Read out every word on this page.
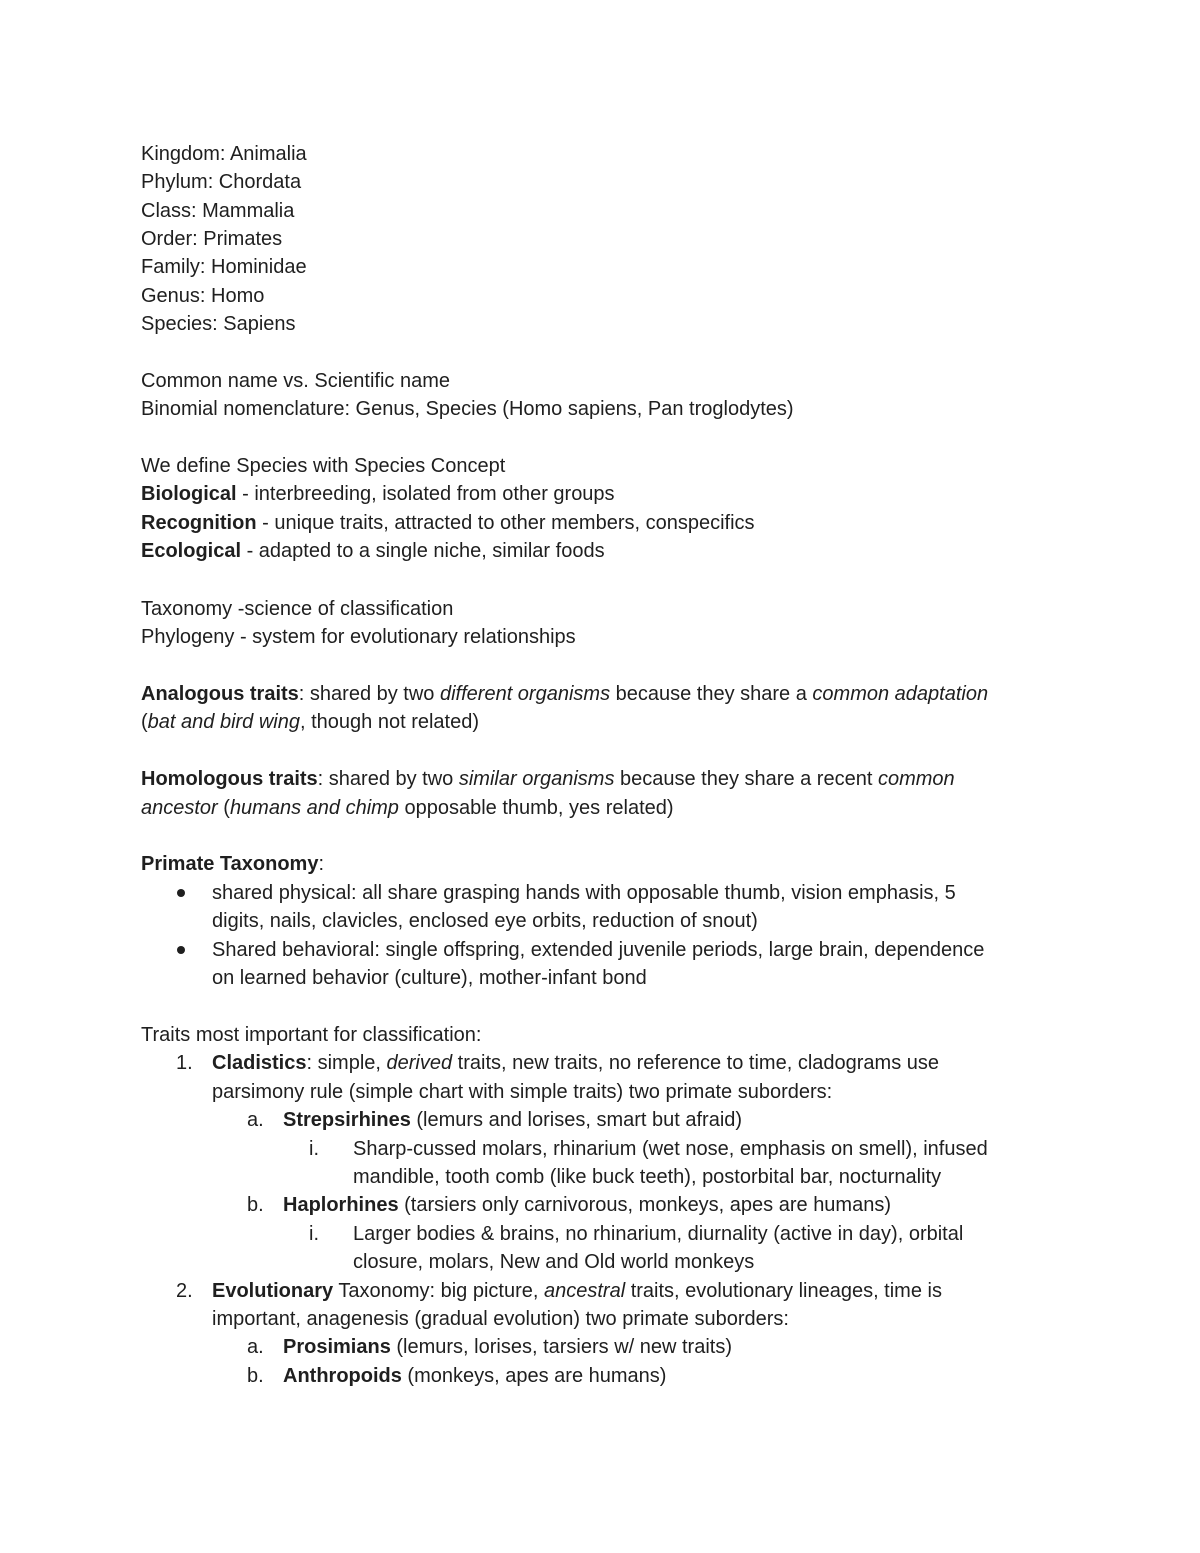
Kingdom: Animalia
Phylum: Chordata
Class: Mammalia
Order: Primates
Family: Hominidae
Genus: Homo
Species: Sapiens
Common name vs. Scientific name
Binomial nomenclature: Genus, Species (Homo sapiens, Pan troglodytes)
We define Species with Species Concept
Biological - interbreeding, isolated from other groups
Recognition - unique traits, attracted to other members, conspecifics
Ecological - adapted to a single niche, similar foods
Taxonomy -science of classification
Phylogeny - system for evolutionary relationships
Analogous traits: shared by two different organisms because they share a common adaptation
(bat and bird wing, though not related)
Homologous traits: shared by two similar organisms because they share a recent common
ancestor (humans and chimp opposable thumb, yes related)
Primate Taxonomy:
shared physical: all share grasping hands with opposable thumb, vision emphasis, 5
digits, nails, clavicles, enclosed eye orbits, reduction of snout)
Shared behavioral: single offspring, extended juvenile periods, large brain, dependence
on learned behavior (culture), mother-infant bond
Traits most important for classification:
1. Cladistics: simple, derived traits, new traits, no reference to time, cladograms use
parsimony rule (simple chart with simple traits) two primate suborders:
a. Strepsirhines (lemurs and lorises, smart but afraid)
i. Sharp-cussed molars, rhinarium (wet nose, emphasis on smell), infused
mandible, tooth comb (like buck teeth), postorbital bar, nocturnality
b. Haplorhines (tarsiers only carnivorous, monkeys, apes are humans)
i. Larger bodies & brains, no rhinarium, diurnality (active in day), orbital
closure, molars, New and Old world monkeys
2. Evolutionary Taxonomy: big picture, ancestral traits, evolutionary lineages, time is
important, anagenesis (gradual evolution) two primate suborders:
a. Prosimians (lemurs, lorises, tarsiers w/ new traits)
b. Anthropoids (monkeys, apes are humans)
